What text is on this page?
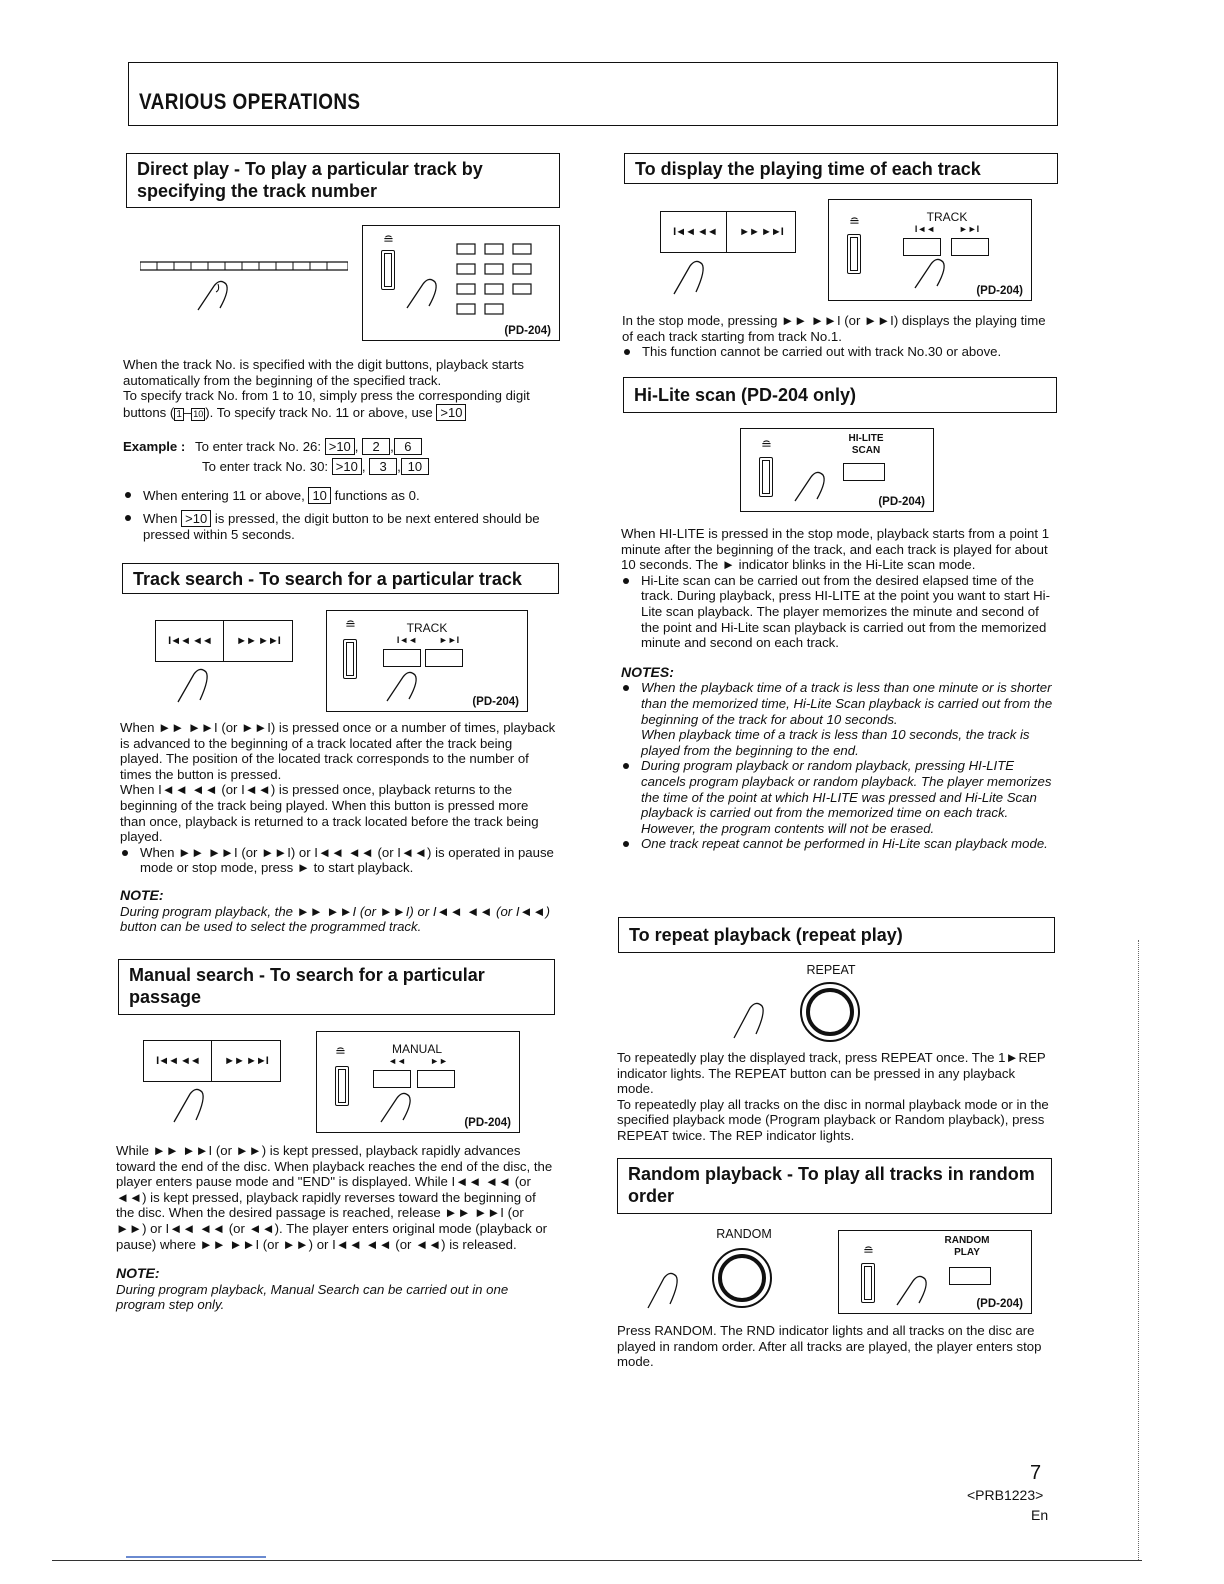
VARIOUS OPERATIONS
Direct play - To play a particular track by specifying the track number
≘
(PD-204)

When the track No. is specified with the digit buttons, playback starts automatically from the beginning of the specified track.

To specify track No. from 1 to 10, simply press the corresponding digit buttons ( 1 – 10 ). To specify track No. 11 or above, use >10

Example : To enter track No. 26: >10 , 2 , 6
To enter track No. 30: >10 , 3 , 10
When entering 11 or above, 10 functions as 0.
When >10 is pressed, the digit button to be next entered should be pressed within 5 seconds.
Track search - To search for a particular track
I◄◄ ◄◄	►► ►►I
≘	TRACK
I◄◄	►►I
(PD-204)

When ►► ►►I (or ►►I) is pressed once or a number of times, playback is advanced to the beginning of a track located after the track being played. The position of the located track corresponds to the number of times the button is pressed.

When I◄◄ ◄◄ (or I◄◄) is pressed once, playback returns to the beginning of the track being played. When this button is pressed more than once, playback is returned to a track located before the track being played.

When ►► ►►I (or ►►I) or I◄◄ ◄◄ (or I◄◄) is operated in pause mode or stop mode, press ► to start playback.
NOTE:

During program playback, the ►► ►►I (or ►►I) or I◄◄ ◄◄ (or I◄◄) button can be used to select the programmed track.

Manual search - To search for a particular passage
I◄◄ ◄◄	►► ►►I
≘	MANUAL
◄◄	►►
(PD-204)

While ►► ►►I (or ►►) is kept pressed, playback rapidly advances toward the end of the disc. When playback reaches the end of the disc, the player enters pause mode and "END" is displayed. While I◄◄ ◄◄ (or ◄◄) is kept pressed, playback rapidly reverses toward the beginning of the disc. When the desired passage is reached, release ►► ►►I (or ►►) or I◄◄ ◄◄ (or ◄◄). The player enters original mode (playback or pause) where ►► ►►I (or ►►) or I◄◄ ◄◄ (or ◄◄) is released.

NOTE:

During program playback, Manual Search can be carried out in one program step only.

To display the playing time of each track
I◄◄ ◄◄	►► ►►I
≘	TRACK
I◄◄	►►I
(PD-204)

In the stop mode, pressing ►► ►►I (or ►►I) displays the playing time of each track starting from track No.1.

This function cannot be carried out with track No.30 or above.
Hi-Lite scan (PD-204 only)
≘	HI-LITE
SCAN
(PD-204)

When HI-LITE is pressed in the stop mode, playback starts from a point 1 minute after the beginning of the track, and each track is played for about 10 seconds. The ► indicator blinks in the Hi-Lite scan mode.

Hi-Lite scan can be carried out from the desired elapsed time of the track. During playback, press HI-LITE at the point you want to start Hi-Lite scan playback. The player memorizes the minute and second of the point and Hi-Lite scan playback is carried out from the memorized minute and second on each track.
NOTES:
When the playback time of a track is less than one minute or is shorter than the memorized time, Hi-Lite Scan playback is carried out from the beginning of the track for about 10 seconds.
When playback time of a track is less than 10 seconds, the track is played from the beginning to the end.
During program playback or random playback, pressing HI-LITE cancels program playback or random playback. The player memorizes the time of the point at which HI-LITE was pressed and Hi-Lite Scan playback is carried out from the memorized time on each track. However, the program contents will not be erased.
One track repeat cannot be performed in Hi-Lite scan playback mode.
To repeat playback (repeat play)
REPEAT

To repeatedly play the displayed track, press REPEAT once. The 1►REP indicator lights. The REPEAT button can be pressed in any playback mode.

To repeatedly play all tracks on the disc in normal playback mode or in the specified playback mode (Program playback or Random playback), press REPEAT twice. The REP indicator lights.

Random playback - To play all tracks in random order
RANDOM
≘
RANDOM
PLAY
(PD-204)

Press RANDOM. The RND indicator lights and all tracks on the disc are played in random order. After all tracks are played, the player enters stop mode.

7
<PRB1223>
En
